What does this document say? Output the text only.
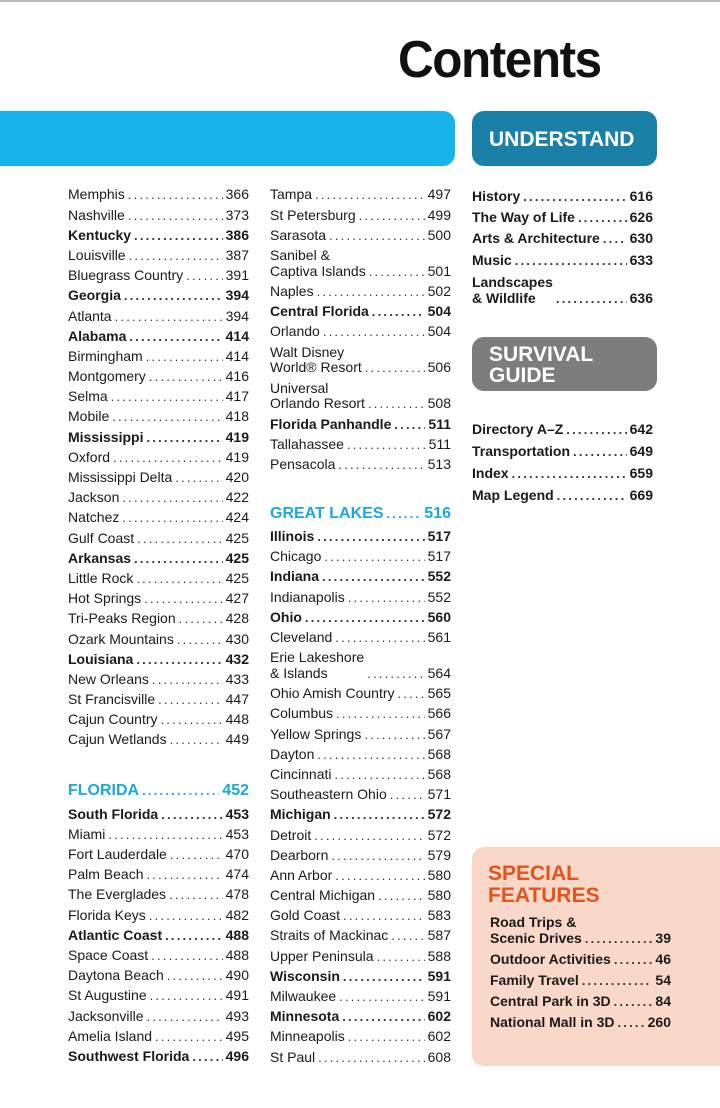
Contents
UNDERSTAND
SURVIVAL
GUIDE
SPECIAL
FEATURES
Memphis .....	366
Nashville .....	373
Kentucky .....	386
Louisville .....	387
Bluegrass Country .....	391
Georgia .....	394
Atlanta .....	394
Alabama .....	414
Birmingham .....	414
Montgomery .....	416
Selma .....	417
Mobile .....	418
Mississippi .....	419
Oxford .....	419
Mississippi Delta .....	420
Jackson .....	422
Natchez .....	424
Gulf Coast .....	425
Arkansas .....	425
Little Rock .....	425
Hot Springs .....	427
Tri-Peaks Region .....	428
Ozark Mountains .....	430
Louisiana .....	432
New Orleans .....	433
St Francisville .....	447
Cajun Country .....	448
Cajun Wetlands .....	449
FLORIDA .....	452
South Florida .....	453
Miami .....	453
Fort Lauderdale .....	470
Palm Beach .....	474
The Everglades .....	478
Florida Keys .....	482
Atlantic Coast .....	488
Space Coast .....	488
Daytona Beach .....	490
St Augustine .....	491
Jacksonville .....	493
Amelia Island .....	495
Southwest Florida .....	496
Tampa .....	497
St Petersburg .....	499
Sarasota .....	500
Sanibel &
Captiva Islands .....	501
Naples .....	502
Central Florida .....	504
Orlando .....	504
Walt Disney
World® Resort .....	506
Universal
Orlando Resort .....	508
Florida Panhandle .....	511
Tallahassee .....	511
Pensacola .....	513
GREAT LAKES .....	516
Illinois .....	517
Chicago .....	517
Indiana .....	552
Indianapolis .....	552
Ohio .....	560
Cleveland .....	561
Erie Lakeshore
& Islands .....	564
Ohio Amish Country ..... 565
Columbus .....	566
Yellow Springs .....	567
Dayton .....	568
Cincinnati .....	568
Southeastern Ohio .....	571
Michigan .....	572
Detroit .....	572
Dearborn .....	579
Ann Arbor .....	580
Central Michigan .....	580
Gold Coast .....	583
Straits of Mackinac .....	587
Upper Peninsula .....	588
Wisconsin .....	591
Milwaukee .....	591
Minnesota .....	602
Minneapolis .....	602
St Paul .....	608
History .....	616
The Way of Life .....	626
Arts & Architecture ..... 630
Music .....	633
Landscapes
& Wildlife .....	636
Directory A–Z .....	642
Transportation .....	649
Index .....	659
Map Legend .....	669
Road Trips &
Scenic Drives .....	39
Outdoor Activities .....	46
Family Travel .....	54
Central Park in 3D .....	84
National Mall in 3D ..... 260
